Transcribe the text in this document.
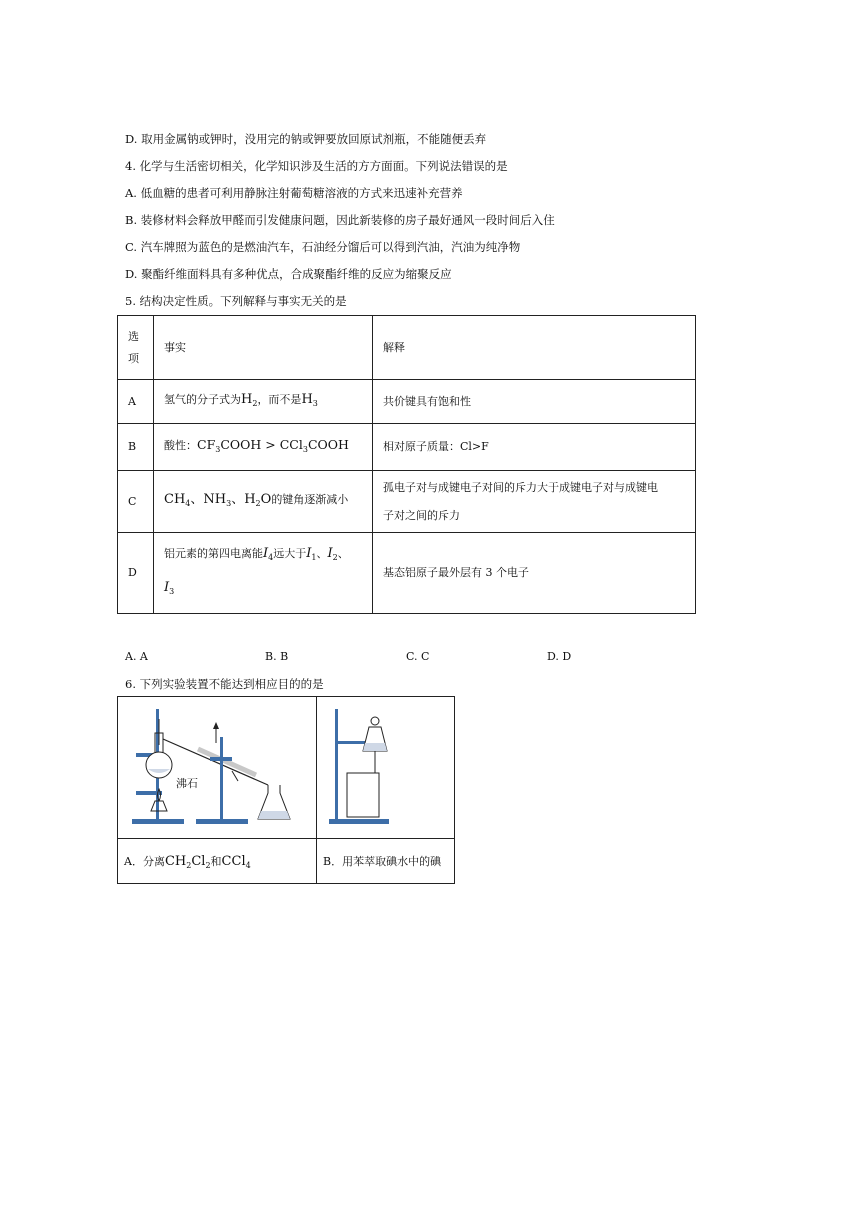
D. 取用金属钠或钾时，没用完的钠或钾要放回原试剂瓶，不能随便丢弃
4. 化学与生活密切相关，化学知识涉及生活的方方面面。下列说法错误的是
A. 低血糖的患者可利用静脉注射葡萄糖溶液的方式来迅速补充营养
B. 装修材料会释放甲醛而引发健康问题，因此新装修的房子最好通风一段时间后入住
C. 汽车牌照为蓝色的是燃油汽车，石油经分馏后可以得到汽油，汽油为纯净物
D. 聚酯纤维面料具有多种优点，合成聚酯纤维的反应为缩聚反应
5. 结构决定性质。下列解释与事实无关的是
选
项	事实	解释
A	氢气的分子式为$H_2$，而不是$H_3$	共价键具有饱和性
B	酸性：$CF_3COOH$ > CCl$_3$COOH	相对原子质量：Cl>F
C	$CH_4$、$NH_3$、$H_2O$的键角逐渐减小	孤电子对与成键电子对间的斥力大于成键电子对与成键电
子对之间的斥力
D	铝元素的第四电离能$I_4$远大于$I_1$、$I_2$、
$I_3$	基态铝原子最外层有 3 个电子
A. A	B. B	C. C	D. D
6. 下列实验装置不能达到相应目的的是
沸石

A．分离$CH_2Cl_2$和CCl$_4$	B．用苯萃取碘水中的碘
